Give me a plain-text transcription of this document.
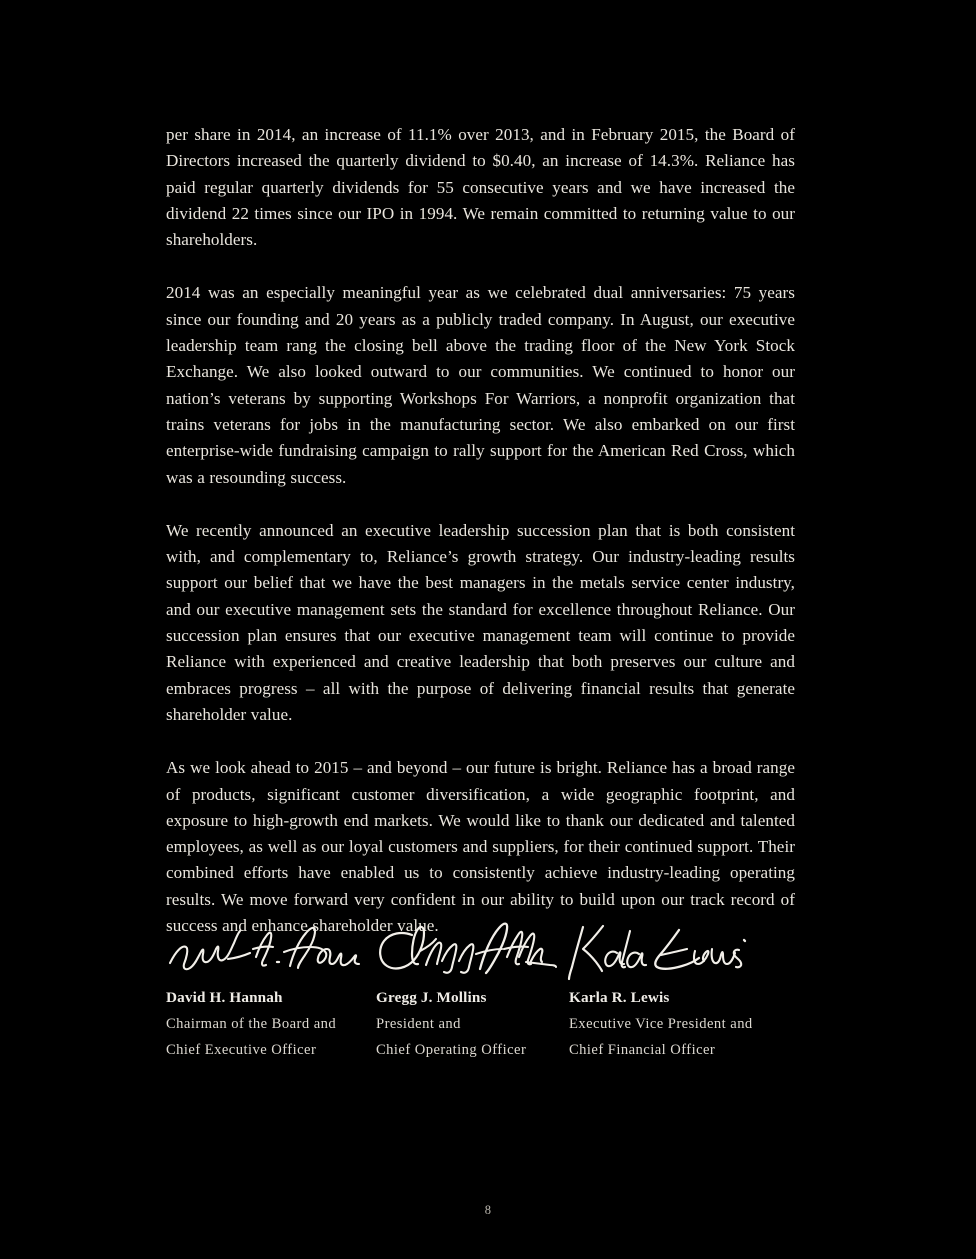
per share in 2014, an increase of 11.1% over 2013, and in February 2015, the Board of Directors increased the quarterly dividend to $0.40, an increase of 14.3%. Reliance has paid regular quarterly dividends for 55 consecutive years and we have increased the dividend 22 times since our IPO in 1994. We remain committed to returning value to our shareholders.

2014 was an especially meaningful year as we celebrated dual anniversaries: 75 years since our founding and 20 years as a publicly traded company. In August, our executive leadership team rang the closing bell above the trading floor of the New York Stock Exchange. We also looked outward to our communities. We continued to honor our nation’s veterans by supporting Workshops For Warriors, a nonprofit organization that trains veterans for jobs in the manufacturing sector. We also embarked on our first enterprise-wide fundraising campaign to rally support for the American Red Cross, which was a resounding success.

We recently announced an executive leadership succession plan that is both consistent with, and complementary to, Reliance’s growth strategy. Our industry-leading results support our belief that we have the best managers in the metals service center industry, and our executive management sets the standard for excellence throughout Reliance. Our succession plan ensures that our executive management team will continue to provide Reliance with experienced and creative leadership that both preserves our culture and embraces progress – all with the purpose of delivering financial results that generate shareholder value.

As we look ahead to 2015 – and beyond – our future is bright. Reliance has a broad range of products, significant customer diversification, a wide geographic footprint, and exposure to high-growth end markets. We would like to thank our dedicated and talented employees, as well as our loyal customers and suppliers, for their continued support. Their combined efforts have enabled us to consistently achieve industry-leading operating results. We move forward very confident in our ability to build upon our track record of success and enhance shareholder value.

David H. Hannah
Chairman of the Board and
Chief Executive Officer
Gregg J. Mollins
President and
Chief Operating Officer
Karla R. Lewis
Executive Vice President and
Chief Financial Officer
8
